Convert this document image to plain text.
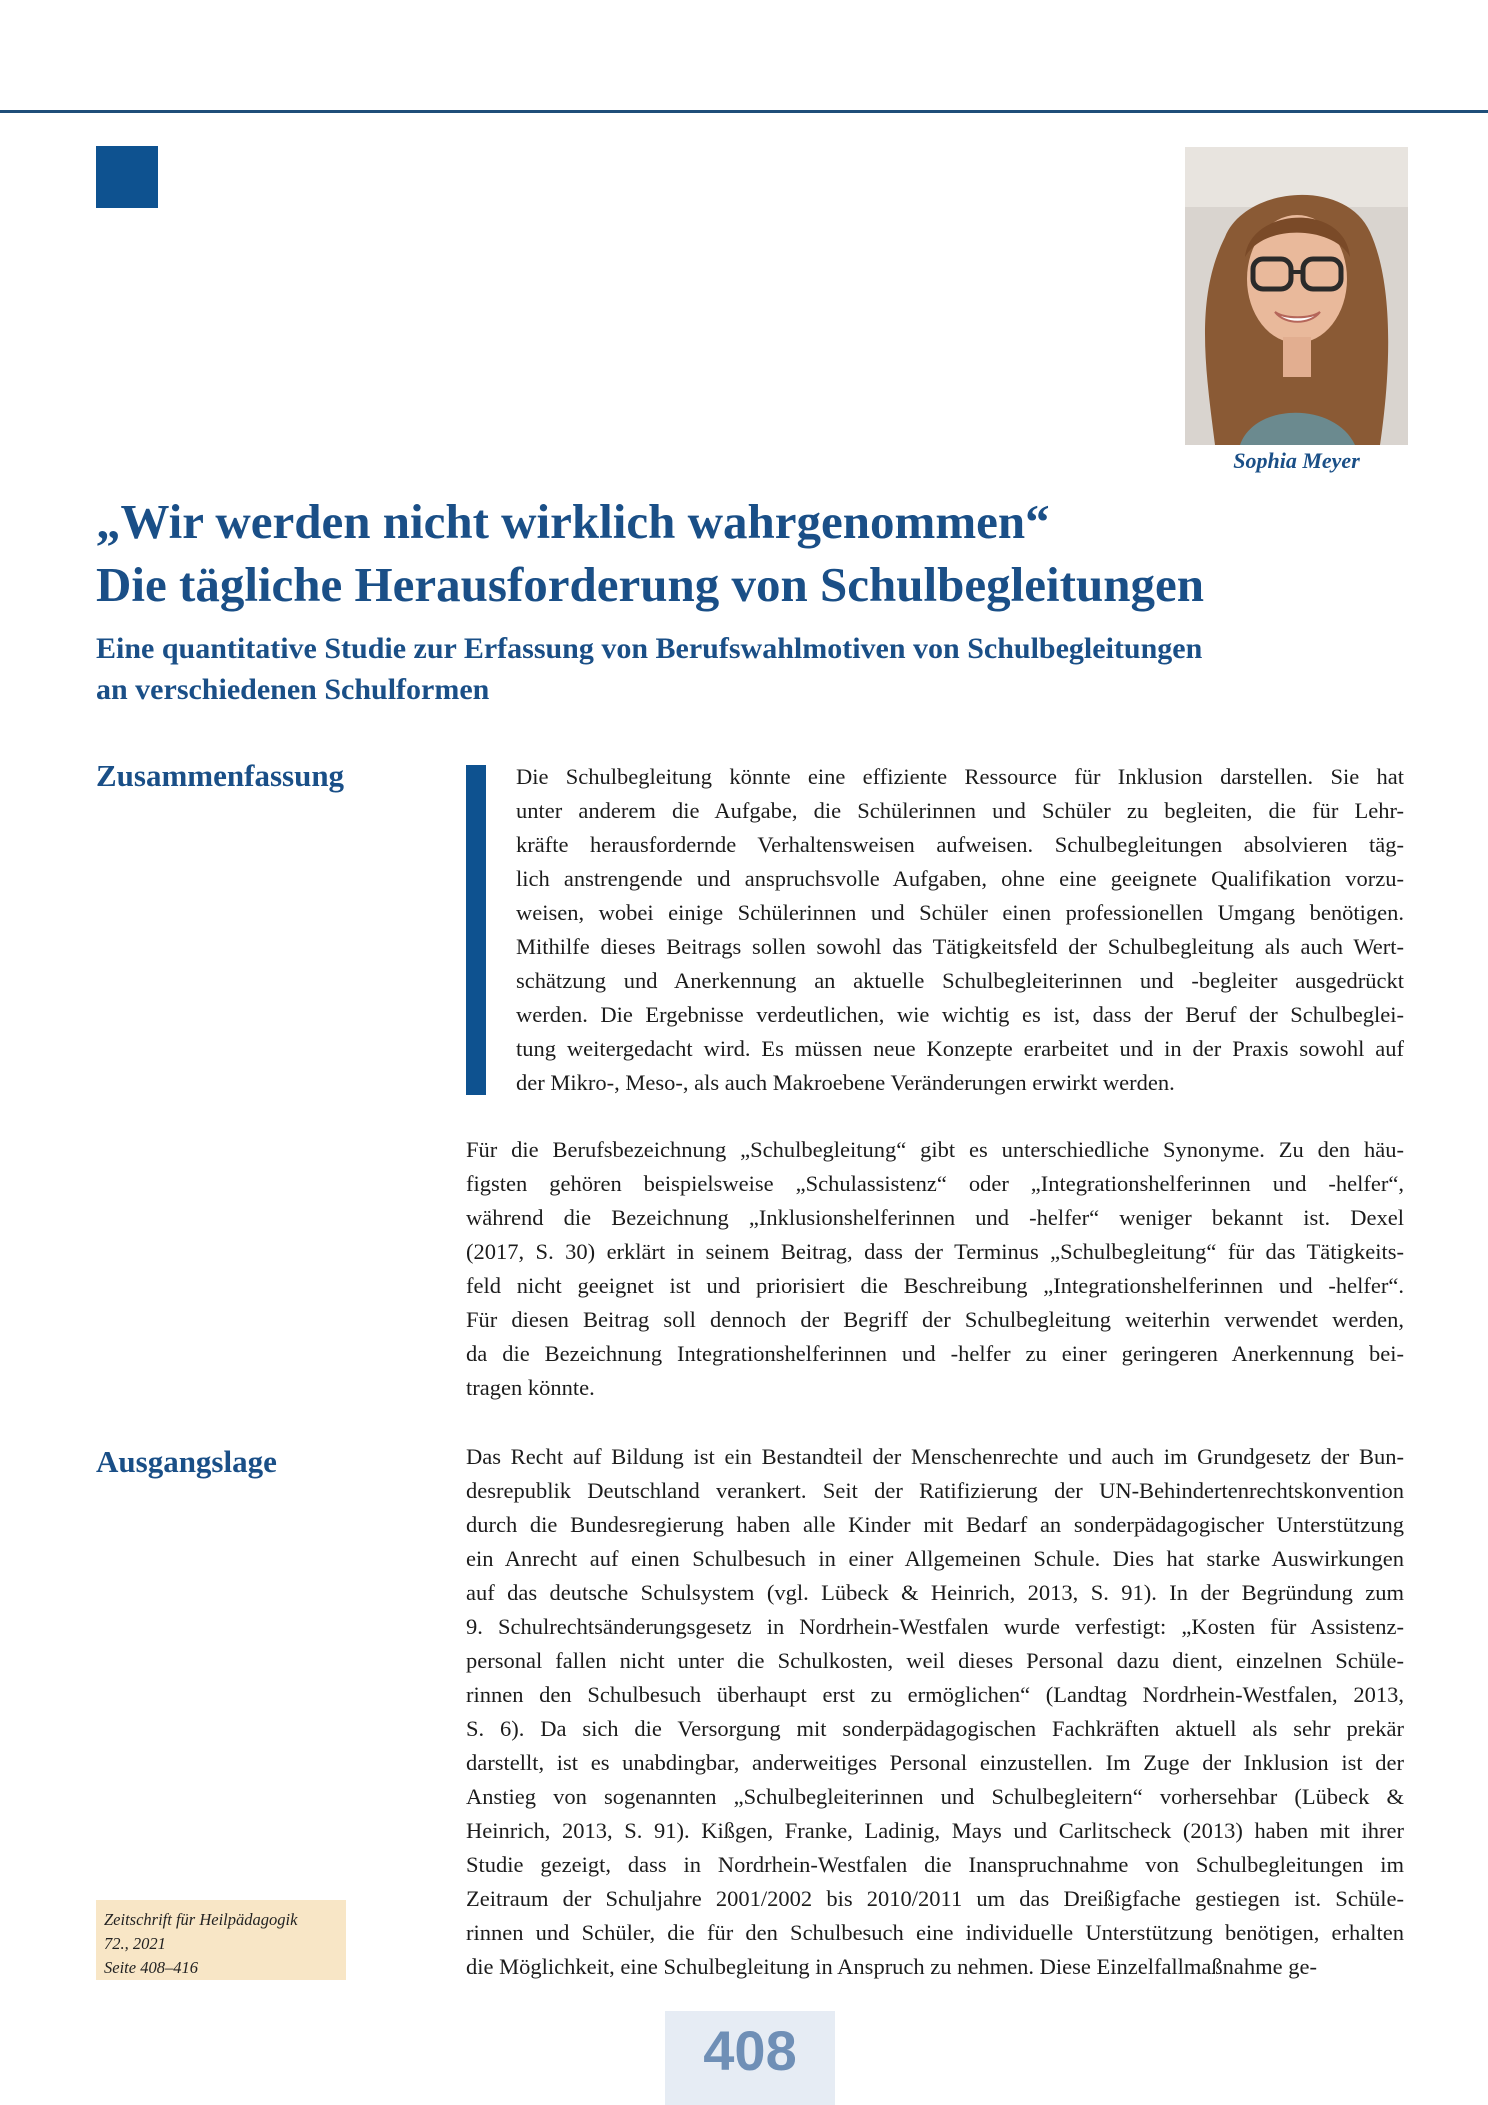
Sophia Meyer
„Wir werden nicht wirklich wahrgenommen“
Die tägliche Herausforderung von Schulbegleitungen
Eine quantitative Studie zur Erfassung von Berufswahlmotiven von Schulbegleitungen
an verschiedenen Schulformen
Zusammenfassung	Die Schulbegleitung könnte eine effiziente Ressource für Inklusion darstellen. Sie hat
unter anderem die Aufgabe, die Schülerinnen und Schüler zu begleiten, die für Lehr-
kräfte herausfordernde Verhaltensweisen aufweisen. Schulbegleitungen absolvieren täg-
lich anstrengende und anspruchsvolle Aufgaben, ohne eine geeignete Qualifikation vorzu-
weisen, wobei einige Schülerinnen und Schüler einen professionellen Umgang benötigen.
Mithilfe dieses Beitrags sollen sowohl das Tätigkeitsfeld der Schulbegleitung als auch Wert-
schätzung und Anerkennung an aktuelle Schulbegleiterinnen und -begleiter ausgedrückt
werden. Die Ergebnisse verdeutlichen, wie wichtig es ist, dass der Beruf der Schulbeglei-
tung weitergedacht wird. Es müssen neue Konzepte erarbeitet und in der Praxis sowohl auf
der Mikro-, Meso-, als auch Makroebene Veränderungen erwirkt werden.
Für die Berufsbezeichnung „Schulbegleitung“ gibt es unterschiedliche Synonyme. Zu den häu-
figsten gehören beispielsweise „Schulassistenz“ oder „Integrationshelferinnen und -helfer“,
während die Bezeichnung „Inklusionshelferinnen und -helfer“ weniger bekannt ist. Dexel
(2017, S. 30) erklärt in seinem Beitrag, dass der Terminus „Schulbegleitung“ für das Tätigkeits-
feld nicht geeignet ist und priorisiert die Beschreibung „Integrationshelferinnen und -helfer“.
Für diesen Beitrag soll dennoch der Begriff der Schulbegleitung weiterhin verwendet werden,
da die Bezeichnung Integrationshelferinnen und -helfer zu einer geringeren Anerkennung bei-
tragen könnte.
Ausgangslage	Das Recht auf Bildung ist ein Bestandteil der Menschenrechte und auch im Grundgesetz der Bun-
desrepublik Deutschland verankert. Seit der Ratifizierung der UN-Behindertenrechtskonvention
durch die Bundesregierung haben alle Kinder mit Bedarf an sonderpädagogischer Unterstützung
ein Anrecht auf einen Schulbesuch in einer Allgemeinen Schule. Dies hat starke Auswirkungen
auf das deutsche Schulsystem (vgl. Lübeck & Heinrich, 2013, S. 91). In der Begründung zum
9. Schulrechtsänderungsgesetz in Nordrhein-Westfalen wurde verfestigt: „Kosten für Assistenz-
personal fallen nicht unter die Schulkosten, weil dieses Personal dazu dient, einzelnen Schüle-
rinnen den Schulbesuch überhaupt erst zu ermöglichen“ (Landtag Nordrhein-Westfalen, 2013,
S. 6). Da sich die Versorgung mit sonderpädagogischen Fachkräften aktuell als sehr prekär
darstellt, ist es unabdingbar, anderweitiges Personal einzustellen. Im Zuge der Inklusion ist der
Anstieg von sogenannten „Schulbegleiterinnen und Schulbegleitern“ vorhersehbar (Lübeck &
Heinrich, 2013, S. 91). Kißgen, Franke, Ladinig, Mays und Carlitscheck (2013) haben mit ihrer
Studie gezeigt, dass in Nordrhein-Westfalen die Inanspruchnahme von Schulbegleitungen im
Zeitraum der Schuljahre 2001/2002 bis 2010/2011 um das Dreißigfache gestiegen ist. Schüle-
rinnen und Schüler, die für den Schulbesuch eine individuelle Unterstützung benötigen, erhalten
die Möglichkeit, eine Schulbegleitung in Anspruch zu nehmen. Diese Einzelfallmaßnahme ge-
Zeitschrift für Heilpädagogik
72., 2021
Seite 408–416
408
